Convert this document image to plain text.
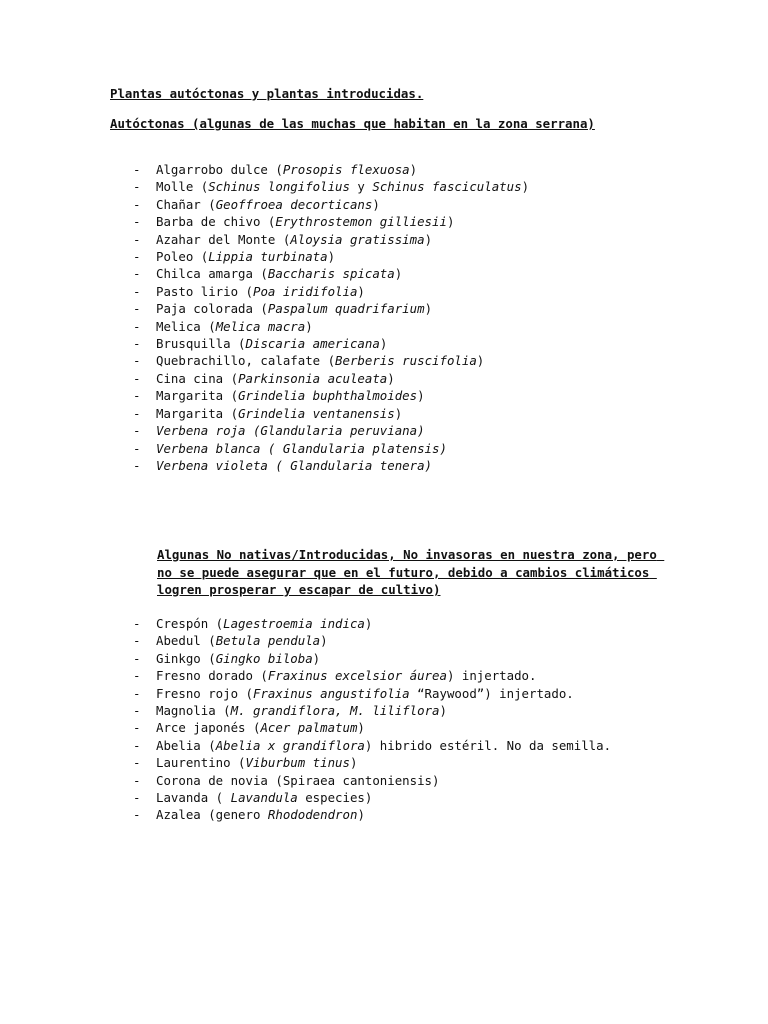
Plantas autóctonas y plantas introducidas.
Autóctonas (algunas de las muchas que habitan en la zona serrana)
- Algarrobo dulce (Prosopis flexuosa)
- Molle (Schinus longifolius y Schinus fasciculatus)
- Chañar (Geoffroea decorticans)
- Barba de chivo (Erythrostemon gilliesii)
- Azahar del Monte (Aloysia gratissima)
- Poleo (Lippia turbinata)
- Chilca amarga (Baccharis spicata)
- Pasto lirio (Poa iridifolia)
- Paja colorada (Paspalum quadrifarium)
- Melica (Melica macra)
- Brusquilla (Discaria americana)
- Quebrachillo, calafate (Berberis ruscifolia)
- Cina cina (Parkinsonia aculeata)
- Margarita (Grindelia buphthalmoides)
- Margarita (Grindelia ventanensis)
- Verbena roja (Glandularia peruviana)
- Verbena blanca ( Glandularia platensis)
- Verbena violeta ( Glandularia tenera)
Algunas No nativas/Introducidas, No invasoras en nuestra zona, pero no se puede asegurar que en el futuro, debido a cambios climáticos logren prosperar y escapar de cultivo)
- Crespón (Lagestroemia indica)
- Abedul (Betula pendula)
- Ginkgo (Gingko biloba)
- Fresno dorado (Fraxinus excelsior áurea) injertado.
- Fresno rojo (Fraxinus angustifolia “Raywood”) injertado.
- Magnolia (M. grandiflora, M. liliflora)
- Arce japonés (Acer palmatum)
- Abelia (Abelia x grandiflora) hibrido estéril. No da semilla.
- Laurentino (Viburbum tinus)
- Corona de novia (Spiraea cantoniensis)
- Lavanda ( Lavandula especies)
- Azalea (genero Rhododendron)
